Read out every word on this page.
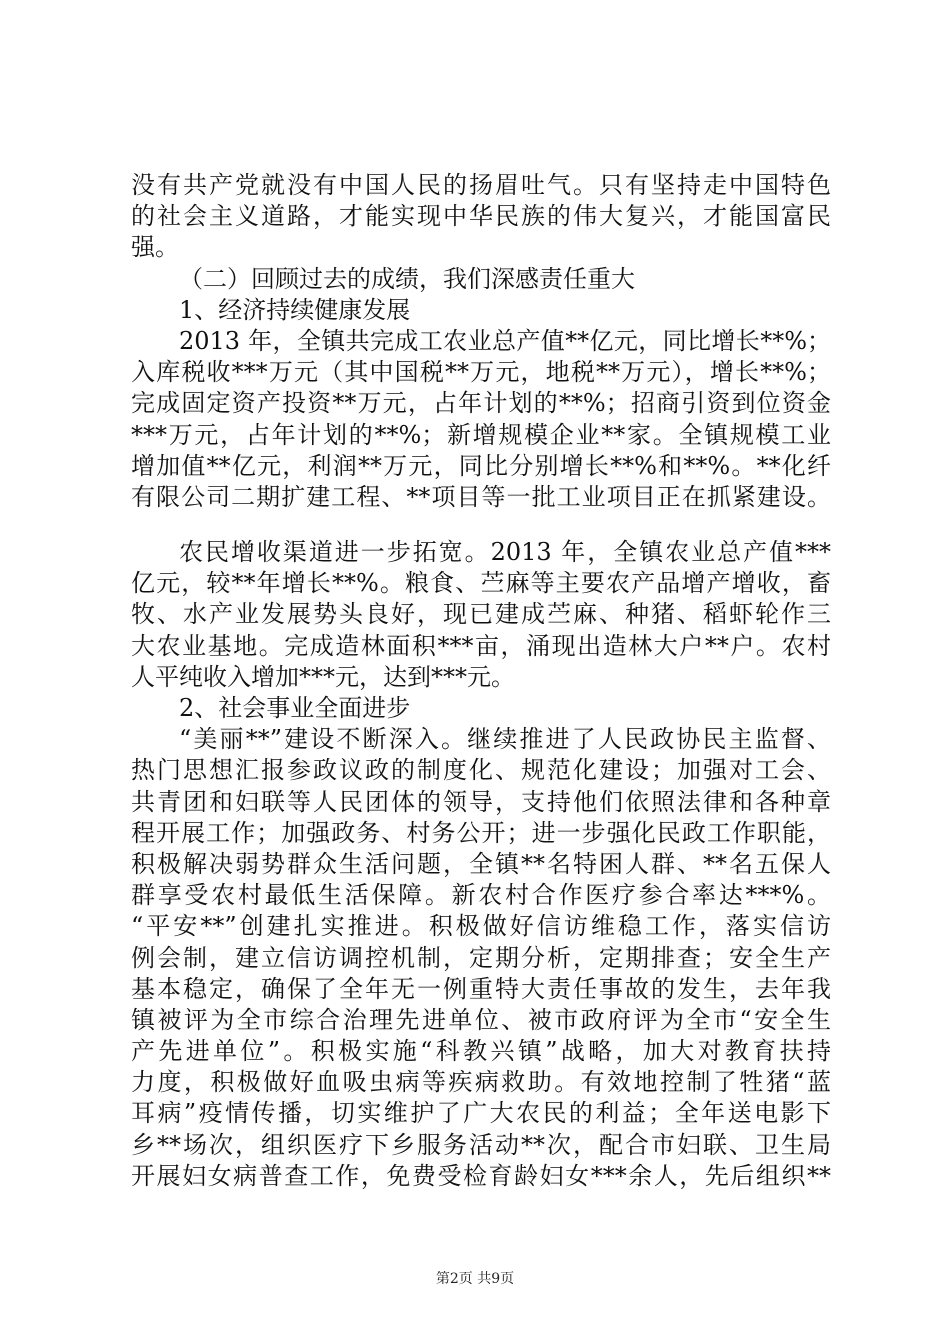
没有共产党就没有中国人民的扬眉吐气。只有坚持走中国特色
的社会主义道路，才能实现中华民族的伟大复兴，才能国富民
强。
（二）回顾过去的成绩，我们深感责任重大
1、经济持续健康发展
2013 年，全镇共完成工农业总产值**亿元，同比增长**%；
入库税收***万元（其中国税**万元，地税**万元），增长**%；
完成固定资产投资**万元，占年计划的**%；招商引资到位资金
***万元，占年计划的**%；新增规模企业**家。全镇规模工业
增加值**亿元，利润**万元，同比分别增长**%和**%。**化纤
有限公司二期扩建工程、**项目等一批工业项目正在抓紧建设。
农民增收渠道进一步拓宽。2013 年，全镇农业总产值***
亿元，较**年增长**%。粮食、苎麻等主要农产品增产增收，畜
牧、水产业发展势头良好，现已建成苎麻、种猪、稻虾轮作三
大农业基地。完成造林面积***亩，涌现出造林大户**户。农村
人平纯收入增加***元，达到***元。
2、社会事业全面进步
“美丽**”建设不断深入。继续推进了人民政协民主监督、
热门思想汇报参政议政的制度化、规范化建设；加强对工会、
共青团和妇联等人民团体的领导，支持他们依照法律和各种章
程开展工作；加强政务、村务公开；进一步强化民政工作职能，
积极解决弱势群众生活问题，全镇**名特困人群、**名五保人
群享受农村最低生活保障。新农村合作医疗参合率达***%。
“平安**”创建扎实推进。积极做好信访维稳工作，落实信访
例会制，建立信访调控机制，定期分析，定期排查；安全生产
基本稳定，确保了全年无一例重特大责任事故的发生，去年我
镇被评为全市综合治理先进单位、被市政府评为全市“安全生
产先进单位”。积极实施“科教兴镇”战略，加大对教育扶持
力度，积极做好血吸虫病等疾病救助。有效地控制了牲猪“蓝
耳病”疫情传播，切实维护了广大农民的利益；全年送电影下
乡**场次，组织医疗下乡服务活动**次，配合市妇联、卫生局
开展妇女病普查工作，免费受检育龄妇女***余人，先后组织**
第2页 共9页
